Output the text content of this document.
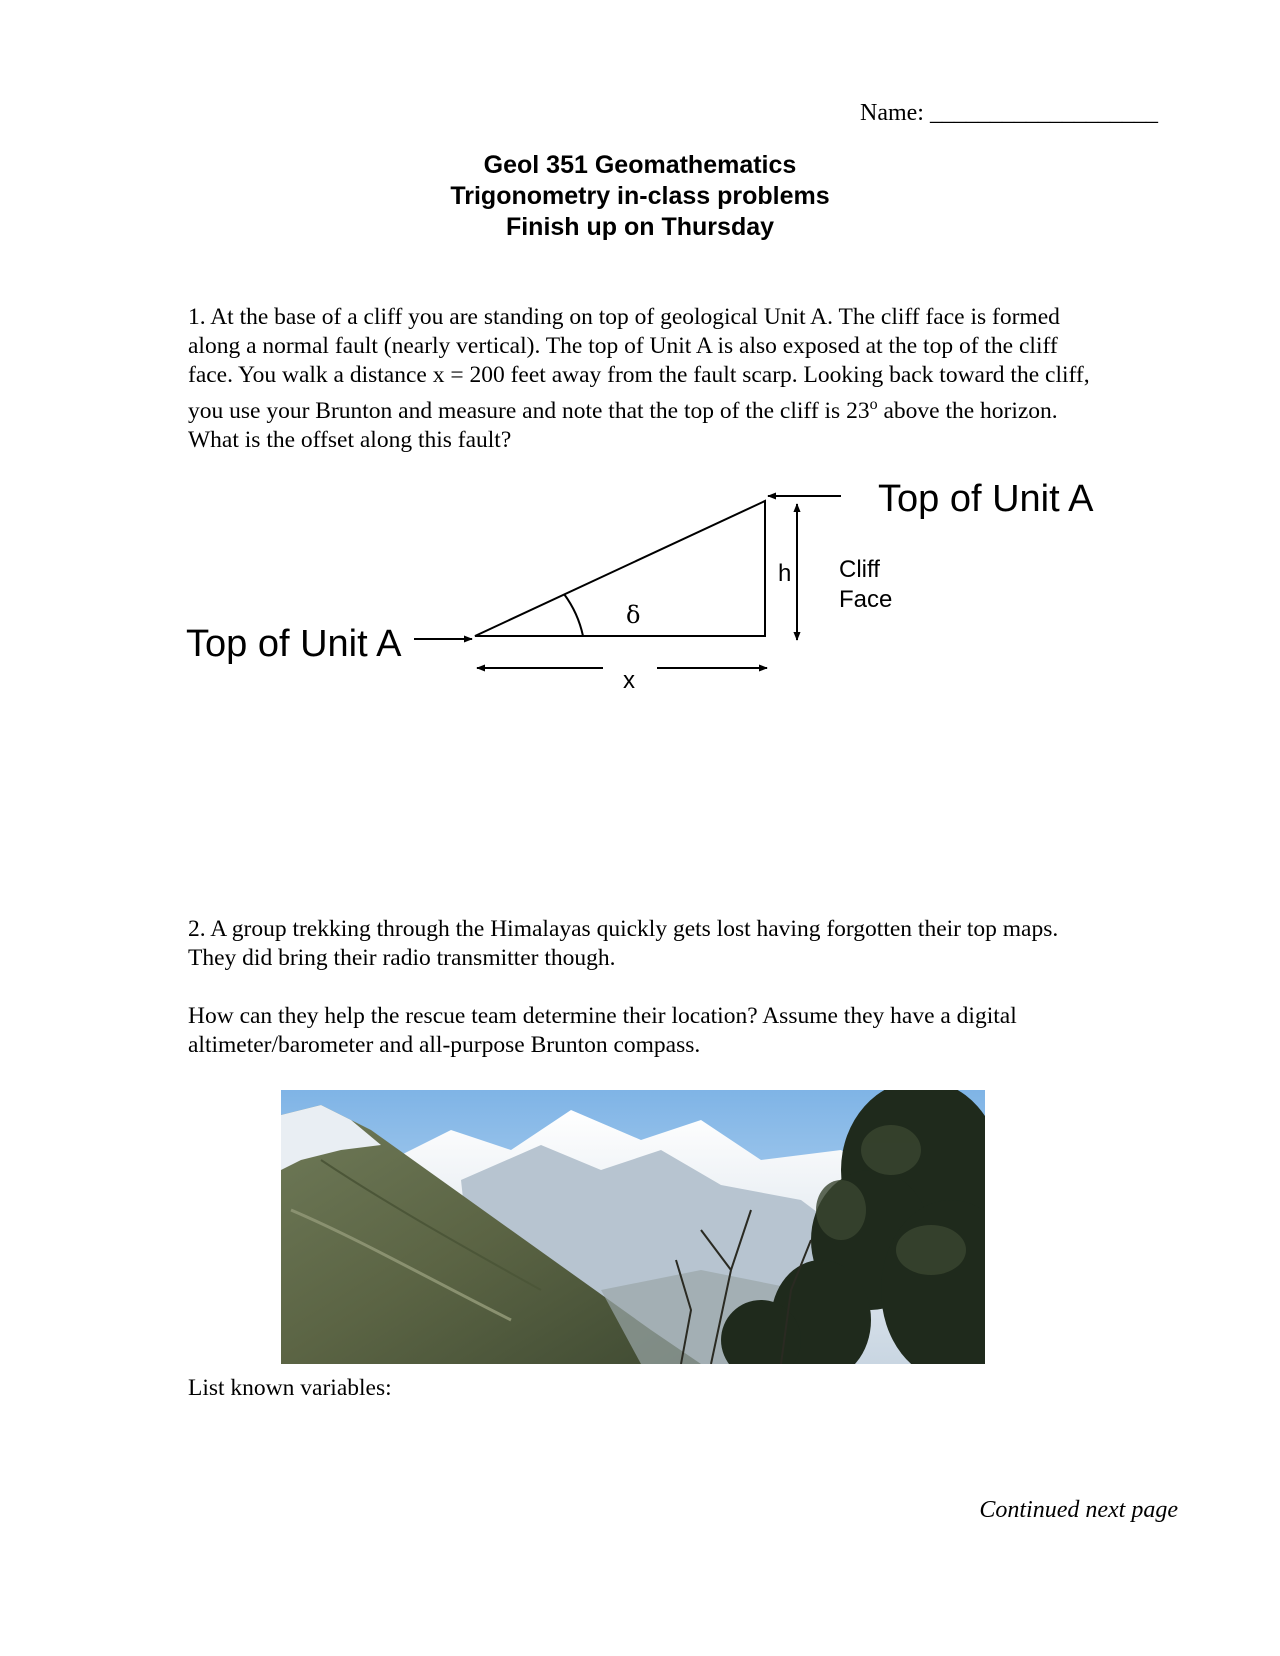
Name: ___________________
Geol 351 Geomathematics
Trigonometry in-class problems
Finish up on Thursday
1. At the base of a cliff you are standing on top of geological Unit A. The cliff face is formed along a normal fault (nearly vertical). The top of Unit A is also exposed at the top of the cliff face. You walk a distance x = 200 feet away from the fault scarp. Looking back toward the cliff, you use your Brunton and measure and note that the top of the cliff is 23$^o$ above the horizon. What is the offset along this fault?
Top of Unit A
Top of Unit A
h Cliff
Face
δ
x
2. A group trekking through the Himalayas quickly gets lost having forgotten their top maps. They did bring their radio transmitter though.
How can they help the rescue team determine their location? Assume they have a digital altimeter/barometer and all-purpose Brunton compass.
List known variables:
Continued next page
